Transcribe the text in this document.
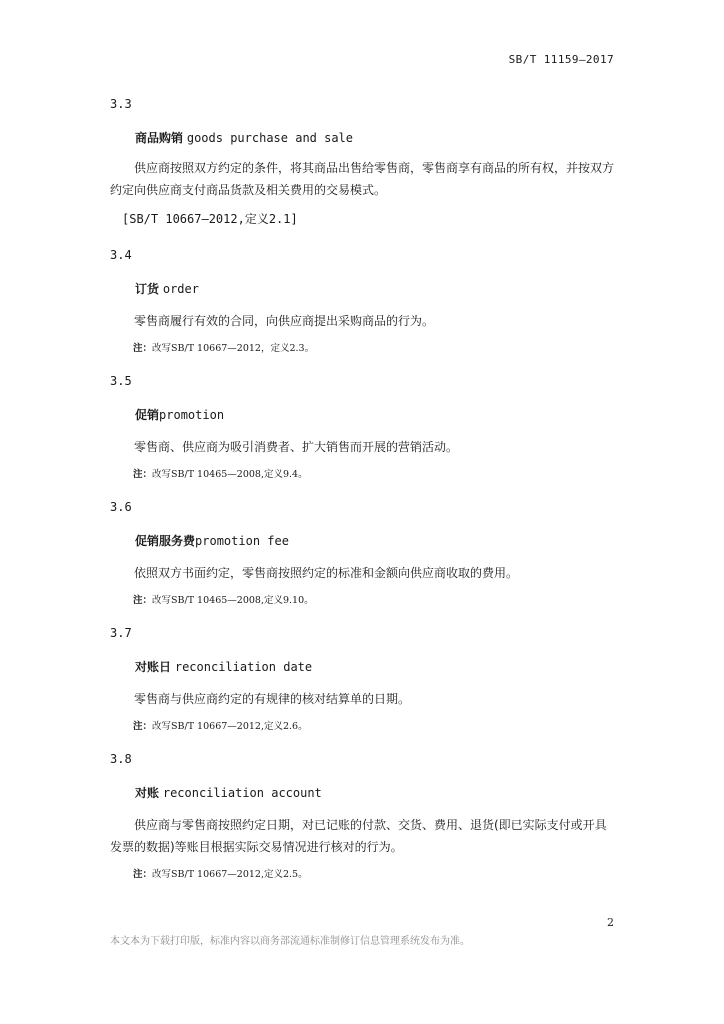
SB/T 11159—2017
3.3
商品购销 goods purchase and sale
供应商按照双方约定的条件，将其商品出售给零售商，零售商享有商品的所有权，并按双方约定向供应商支付商品货款及相关费用的交易模式。
[SB/T 10667—2012,定义2.1]
3.4
订货 order
零售商履行有效的合同，向供应商提出采购商品的行为。
注：改写SB/T 10667—2012，定义2.3。
3.5
促销promotion
零售商、供应商为吸引消费者、扩大销售而开展的营销活动。
注：改写SB/T 10465—2008,定义9.4。
3.6
促销服务费promotion fee
依照双方书面约定，零售商按照约定的标准和金额向供应商收取的费用。
注：改写SB/T 10465—2008,定义9.10。
3.7
对账日 reconciliation date
零售商与供应商约定的有规律的核对结算单的日期。
注：改写SB/T 10667—2012,定义2.6。
3.8
对账 reconciliation account
供应商与零售商按照约定日期，对已记账的付款、交货、费用、退货(即已实际支付或开具发票的数据)等账目根据实际交易情况进行核对的行为。
注：改写SB/T 10667—2012,定义2.5。
2
本文本为下载打印版，标准内容以商务部流通标准制修订信息管理系统发布为准。
